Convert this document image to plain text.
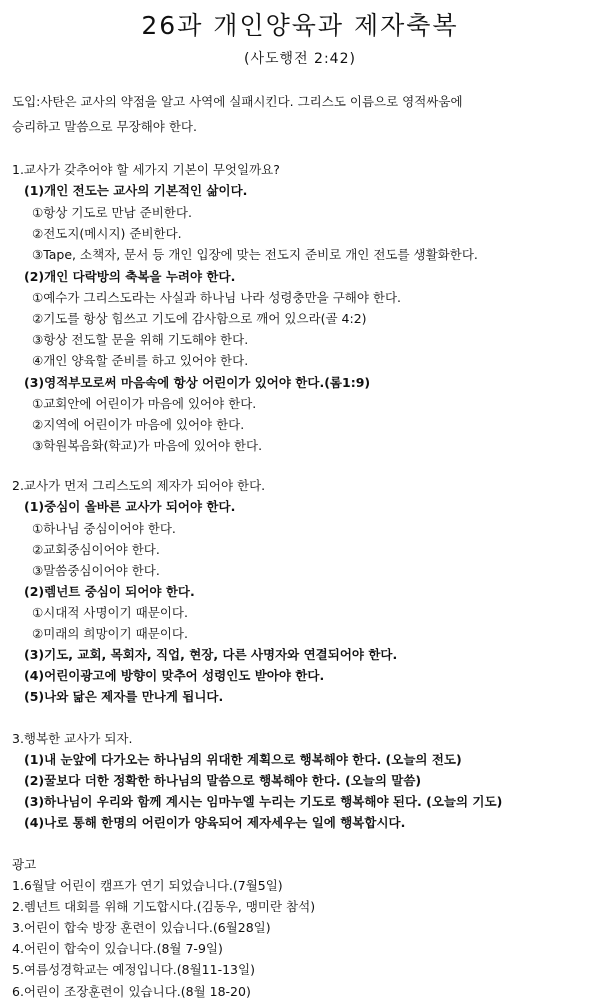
26과 개인양육과 제자축복
(사도행전 2:42)
도입:사탄은 교사의 약점을 알고 사역에 실패시킨다. 그리스도 이름으로 영적싸움에
승리하고 말씀으로 무장해야 한다.
1.교사가 갖추어야 할 세가지 기본이 무엇일까요?
(1)개인 전도는 교사의 기본적인 삶이다.
①항상 기도로 만남 준비한다.
②전도지(메시지) 준비한다.
③Tape, 소책자, 문서 등 개인 입장에 맞는 전도지 준비로 개인 전도를 생활화한다.
(2)개인 다락방의 축복을 누려야 한다.
①예수가 그리스도라는 사실과 하나님 나라 성령충만을 구해야 한다.
②기도를 항상 힘쓰고 기도에 감사함으로 깨어 있으라(골 4:2)
③항상 전도할 문을 위해 기도해야 한다.
④개인 양육할 준비를 하고 있어야 한다.
(3)영적부모로써 마음속에 항상 어린이가 있어야 한다.(롬1:9)
①교회안에 어린이가 마음에 있어야 한다.
②지역에 어린이가 마음에 있어야 한다.
③학원복음화(학교)가 마음에 있어야 한다.
2.교사가 먼저 그리스도의 제자가 되어야 한다.
(1)중심이 올바른 교사가 되어야 한다.
①하나님 중심이어야 한다.
②교회중심이어야 한다.
③말씀중심이어야 한다.
(2)렘넌트 중심이 되어야 한다.
①시대적 사명이기 때문이다.
②미래의 희망이기 때문이다.
(3)기도, 교회, 목회자, 직업, 현장, 다른 사명자와 연결되어야 한다.
(4)어린이광고에 방향이 맞추어 성령인도 받아야 한다.
(5)나와 닮은 제자를 만나게 됩니다.
3.행복한 교사가 되자.
(1)내 눈앞에 다가오는 하나님의 위대한 계획으로 행복해야 한다. (오늘의 전도)
(2)꿀보다 더한 정확한 하나님의 말씀으로 행복해야 한다. (오늘의 말씀)
(3)하나님이 우리와 함께 계시는 임마누엘 누리는 기도로 행복해야 된다. (오늘의 기도)
(4)나로 통해 한명의 어린이가 양육되어 제자세우는 일에 행복합시다.
광고
1.6월달 어린이 캠프가 연기 되었습니다.(7월5일)
2.렘넌트 대회를 위해 기도합시다.(김동우, 맹미란 참석)
3.어린이 합숙 방장 훈련이 있습니다.(6월28일)
4.어린이 합숙이 있습니다.(8월 7-9일)
5.여름성경학교는 예정입니다.(8월11-13일)
6.어린이 조장훈련이 있습니다.(8월 18-20)
